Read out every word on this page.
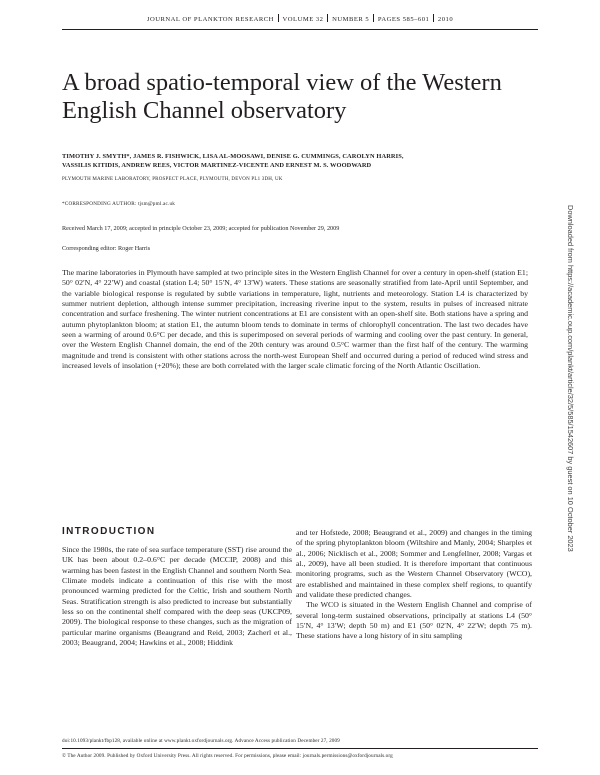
JOURNAL OF PLANKTON RESEARCH VOLUME 32 NUMBER 5 PAGES 585–601 2010
A broad spatio-temporal view of the Western English Channel observatory
TIMOTHY J. SMYTH*, JAMES R. FISHWICK, LISA AL-MOOSAWI, DENISE G. CUMMINGS, CAROLYN HARRIS,
VASSILIS KITIDIS, ANDREW REES, VICTOR MARTINEZ-VICENTE AND ERNEST M. S. WOODWARD
PLYMOUTH MARINE LABORATORY, PROSPECT PLACE, PLYMOUTH, DEVON PL1 3DH, UK
*CORRESPONDING AUTHOR: tjsm@pml.ac.uk
Received March 17, 2009; accepted in principle October 23, 2009; accepted for publication November 29, 2009
Corresponding editor: Roger Harris

The marine laboratories in Plymouth have sampled at two principle sites in the Western English Channel for over a century in open-shelf (station E1; 50° 02′N, 4° 22′W) and coastal (station L4; 50° 15′N, 4° 13′W) waters. These stations are seasonally stratified from late-April until September, and the variable biological response is regulated by subtle variations in temperature, light, nutrients and meteorology. Station L4 is characterized by summer nutrient depletion, although intense summer precipitation, increasing riverine input to the system, results in pulses of increased nitrate concentration and surface freshening. The winter nutrient concentrations at E1 are consistent with an open-shelf site. Both stations have a spring and autumn phytoplankton bloom; at station E1, the autumn bloom tends to dominate in terms of chlorophyll concentration. The last two decades have seen a warming of around 0.6°C per decade, and this is superimposed on several periods of warming and cooling over the past century. In general, over the Western English Channel domain, the end of the 20th century was around 0.5°C warmer than the first half of the century. The warming magnitude and trend is consistent with other stations across the north-west European Shelf and occurred during a period of reduced wind stress and increased levels of insolation (+20%); these are both correlated with the larger scale climatic forcing of the North Atlantic Oscillation.

INTRODUCTION

Since the 1980s, the rate of sea surface temperature (SST) rise around the UK has been about 0.2–0.6°C per decade (MCCIP, 2008) and this warming has been fastest in the English Channel and southern North Sea. Climate models indicate a continuation of this rise with the most pronounced warming predicted for the Celtic, Irish and southern North Seas. Stratification strength is also predicted to increase but substantially less so on the continental shelf compared with the deep seas (UKCP09, 2009). The biological response to these changes, such as the migration of particular marine organisms (Beaugrand and Reid, 2003; Zacherl et al., 2003; Beaugrand, 2004; Hawkins et al., 2008; Hiddink

and ter Hofstede, 2008; Beaugrand et al., 2009) and changes in the timing of the spring phytoplankton bloom (Wiltshire and Manly, 2004; Sharples et al., 2006; Nicklisch et al., 2008; Sommer and Lengfellner, 2008; Vargas et al., 2009), have all been studied. It is therefore important that continuous monitoring programs, such as the Western Channel Observatory (WCO), are established and maintained in these complex shelf regions, to quantify and validate these predicted changes.

The WCO is situated in the Western English Channel and comprise of several long-term sustained observations, principally at stations L4 (50° 15′N, 4° 13′W; depth 50 m) and E1 (50° 02′N, 4° 22′W; depth 75 m). These stations have a long history of in situ sampling

doi:10.1093/plankt/fbp128, available online at www.plankt.oxfordjournals.org. Advance Access publication December 27, 2009
© The Author 2009. Published by Oxford University Press. All rights reserved. For permissions, please email: journals.permissions@oxfordjournals.org
Downloaded from https://academic.oup.com/plankt/article/32/5/585/1542607 by guest on 10 October 2023
